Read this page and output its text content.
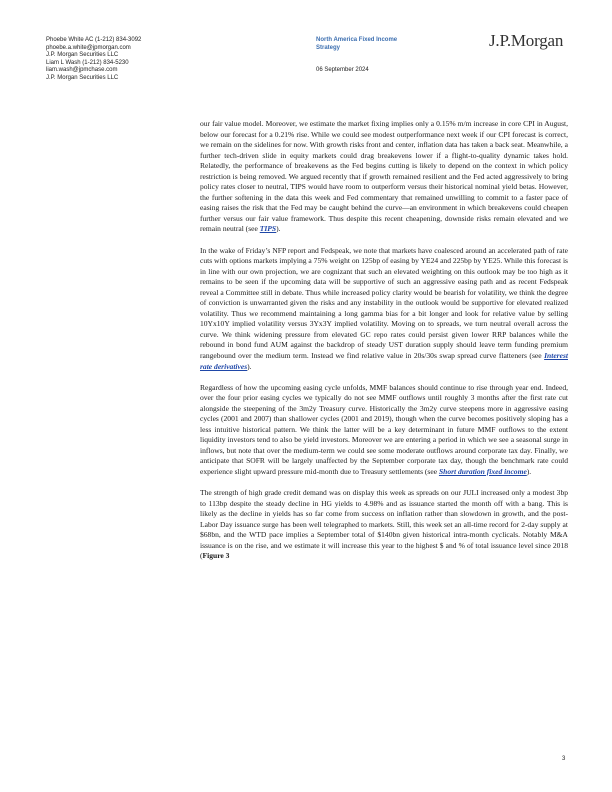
Phoebe White AC (1-212) 834-3092
phoebe.a.white@jpmorgan.com
J.P. Morgan Securities LLC
Liam L Wash (1-212) 834-5230
liam.wash@jpmchase.com
J.P. Morgan Securities LLC
North America Fixed Income
Strategy
06 September 2024
J.P.Morgan

our fair value model. Moreover, we estimate the market fixing implies only a 0.15% m/m increase in core CPI in August, below our forecast for a 0.21% rise. While we could see modest outperformance next week if our CPI forecast is correct, we remain on the sidelines for now. With growth risks front and center, inflation data has taken a back seat. Meanwhile, a further tech-driven slide in equity markets could drag breakevens lower if a flight-to-quality dynamic takes hold. Relatedly, the performance of breakevens as the Fed begins cutting is likely to depend on the context in which policy restriction is being removed. We argued recently that if growth remained resilient and the Fed acted aggressively to bring policy rates closer to neutral, TIPS would have room to outperform versus their historical nominal yield betas. However, the further softening in the data this week and Fed commentary that remained unwilling to commit to a faster pace of easing raises the risk that the Fed may be caught behind the curve—an environment in which breakevens could cheapen further versus our fair value framework. Thus despite this recent cheapening, downside risks remain elevated and we remain neutral (see TIPS).

In the wake of Friday’s NFP report and Fedspeak, we note that markets have coalesced around an accelerated path of rate cuts with options markets implying a 75% weight on 125bp of easing by YE24 and 225bp by YE25. While this forecast is in line with our own projection, we are cognizant that such an elevated weighting on this outlook may be too high as it remains to be seen if the upcoming data will be supportive of such an aggressive easing path and as recent Fedspeak reveal a Committee still in debate. Thus while increased policy clarity would be bearish for volatility, we think the degree of conviction is unwarranted given the risks and any instability in the outlook would be supportive for elevated realized volatility. Thus we recommend maintaining a long gamma bias for a bit longer and look for relative value by selling 10Yx10Y implied volatility versus 3Yx3Y implied volatility. Moving on to spreads, we turn neutral overall across the curve. We think widening pressure from elevated GC repo rates could persist given lower RRP balances while the rebound in bond fund AUM against the backdrop of steady UST duration supply should leave term funding premium rangebound over the medium term. Instead we find relative value in 20s/30s swap spread curve flatteners (see Interest rate derivatives).

Regardless of how the upcoming easing cycle unfolds, MMF balances should continue to rise through year end. Indeed, over the four prior easing cycles we typically do not see MMF outflows until roughly 3 months after the first rate cut alongside the steepening of the 3m2y Treasury curve. Historically the 3m2y curve steepens more in aggressive easing cycles (2001 and 2007) than shallower cycles (2001 and 2019), though when the curve becomes positively sloping has a less intuitive historical pattern. We think the latter will be a key determinant in future MMF outflows to the extent liquidity investors tend to also be yield investors. Moreover we are entering a period in which we see a seasonal surge in inflows, but note that over the medium-term we could see some moderate outflows around corporate tax day. Finally, we anticipate that SOFR will be largely unaffected by the September corporate tax day, though the benchmark rate could experience slight upward pressure mid-month due to Treasury settlements (see Short duration fixed income).

The strength of high grade credit demand was on display this week as spreads on our JULI increased only a modest 3bp to 113bp despite the steady decline in HG yields to 4.98% and as issuance started the month off with a bang. This is likely as the decline in yields has so far come from success on inflation rather than slowdown in growth, and the post-Labor Day issuance surge has been well telegraphed to markets. Still, this week set an all-time record for 2-day supply at $68bn, and the WTD pace implies a September total of $140bn given historical intra-month cyclicals. Notably M&A issuance is on the rise, and we estimate it will increase this year to the highest $ and % of total issuance level since 2018 (Figure 3

3
